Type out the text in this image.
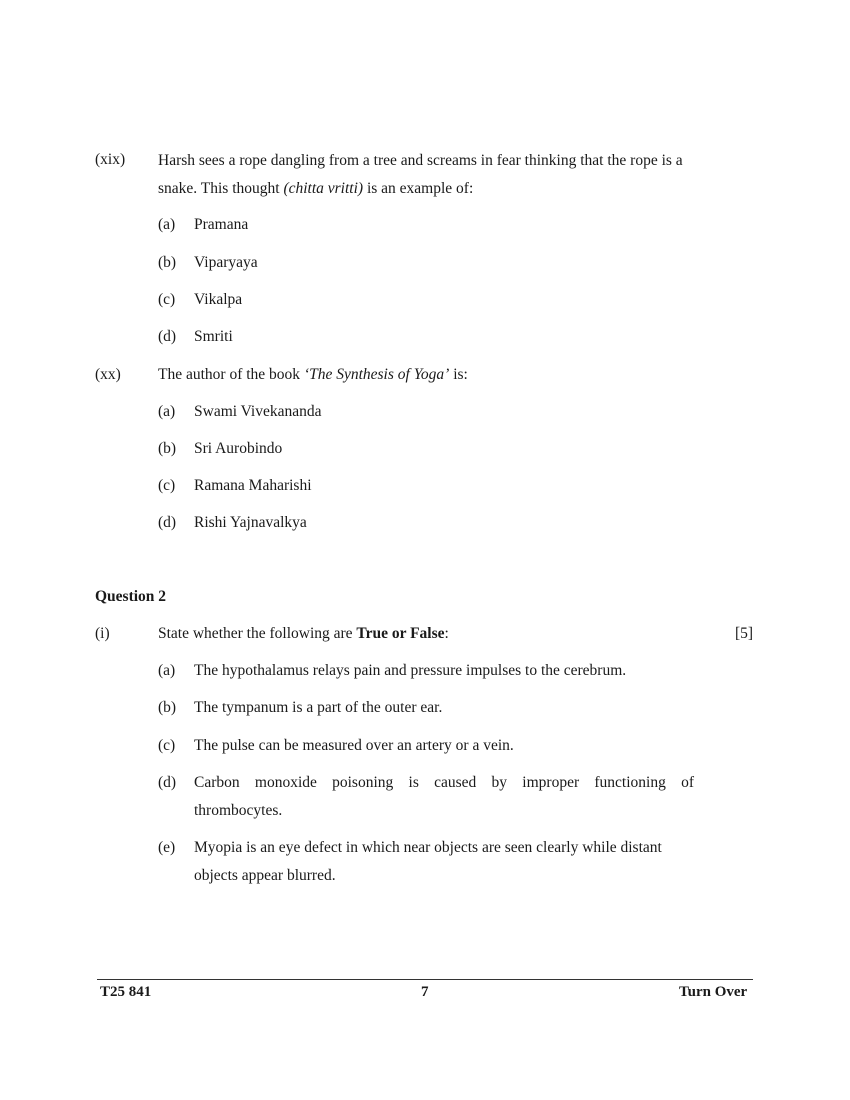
(xix) Harsh sees a rope dangling from a tree and screams in fear thinking that the rope is a snake. This thought (chitta vritti) is an example of:
(a) Pramana
(b) Viparyaya
(c) Vikalpa
(d) Smriti
(xx) The author of the book ‘The Synthesis of Yoga’ is:
(a) Swami Vivekananda
(b) Sri Aurobindo
(c) Ramana Maharishi
(d) Rishi Yajnavalkya
Question 2
(i)	State whether the following are True or False:	[5]
(a) The hypothalamus relays pain and pressure impulses to the cerebrum.
(b) The tympanum is a part of the outer ear.
(c) The pulse can be measured over an artery or a vein.
(d) Carbon monoxide poisoning is caused by improper functioning of thrombocytes.
(e) Myopia is an eye defect in which near objects are seen clearly while distant objects appear blurred.
T25 841	7	Turn Over
